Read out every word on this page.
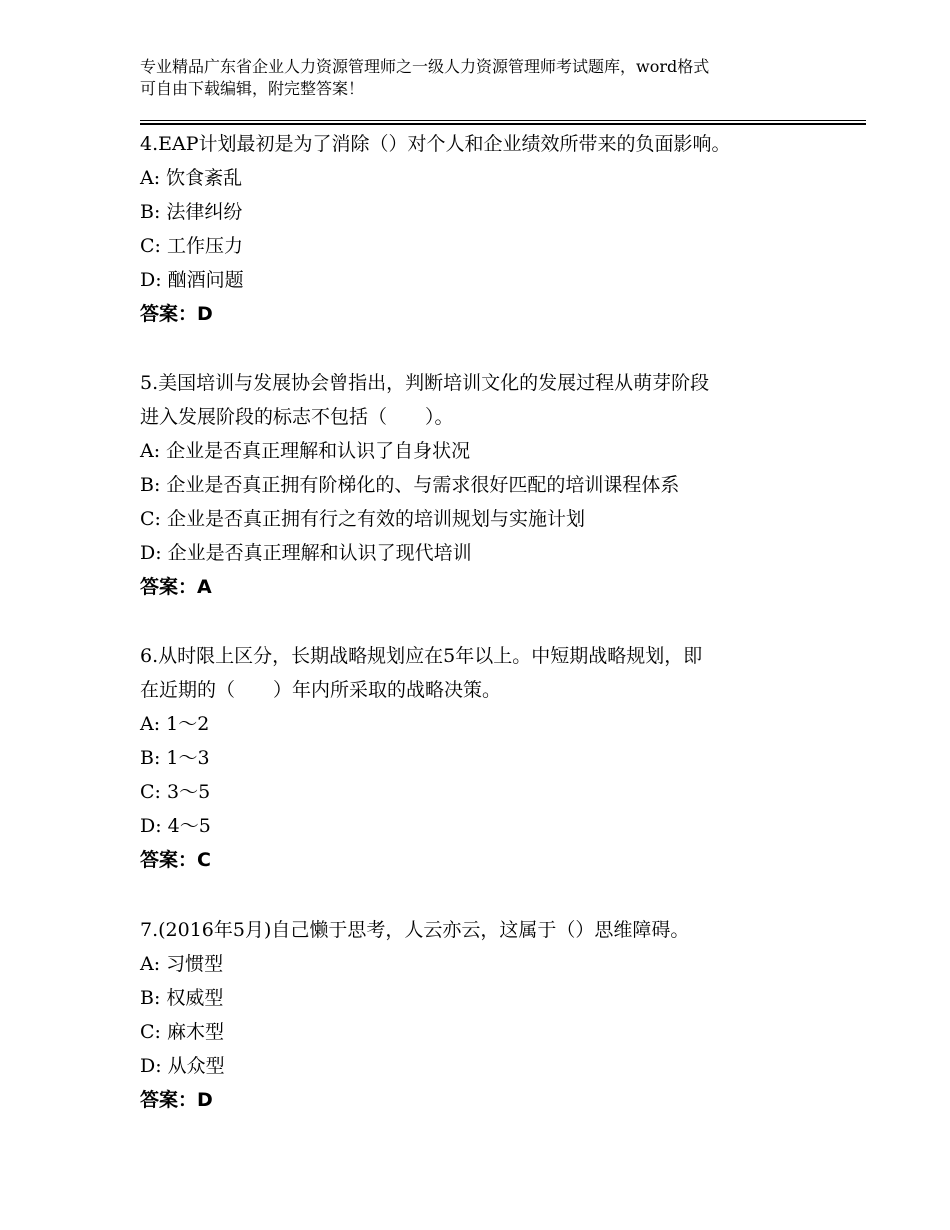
专业精品广东省企业人力资源管理师之一级人力资源管理师考试题库，word格式
可自由下载编辑，附完整答案！
4.EAP计划最初是为了消除（）对个人和企业绩效所带来的负面影响。
A: 饮食紊乱
B: 法律纠纷
C: 工作压力
D: 酗酒问题
答案：D
5.美国培训与发展协会曾指出，判断培训文化的发展过程从萌芽阶段
进入发展阶段的标志不包括（　　）。
A: 企业是否真正理解和认识了自身状况
B: 企业是否真正拥有阶梯化的、与需求很好匹配的培训课程体系
C: 企业是否真正拥有行之有效的培训规划与实施计划
D: 企业是否真正理解和认识了现代培训
答案：A
6.从时限上区分，长期战略规划应在5年以上。中短期战略规划，即
在近期的（　　）年内所采取的战略决策。
A: 1～2
B: 1～3
C: 3～5
D: 4～5
答案：C
7.(2016年5月)自己懒于思考，人云亦云，这属于（）思维障碍。
A: 习惯型
B: 权威型
C: 麻木型
D: 从众型
答案：D
